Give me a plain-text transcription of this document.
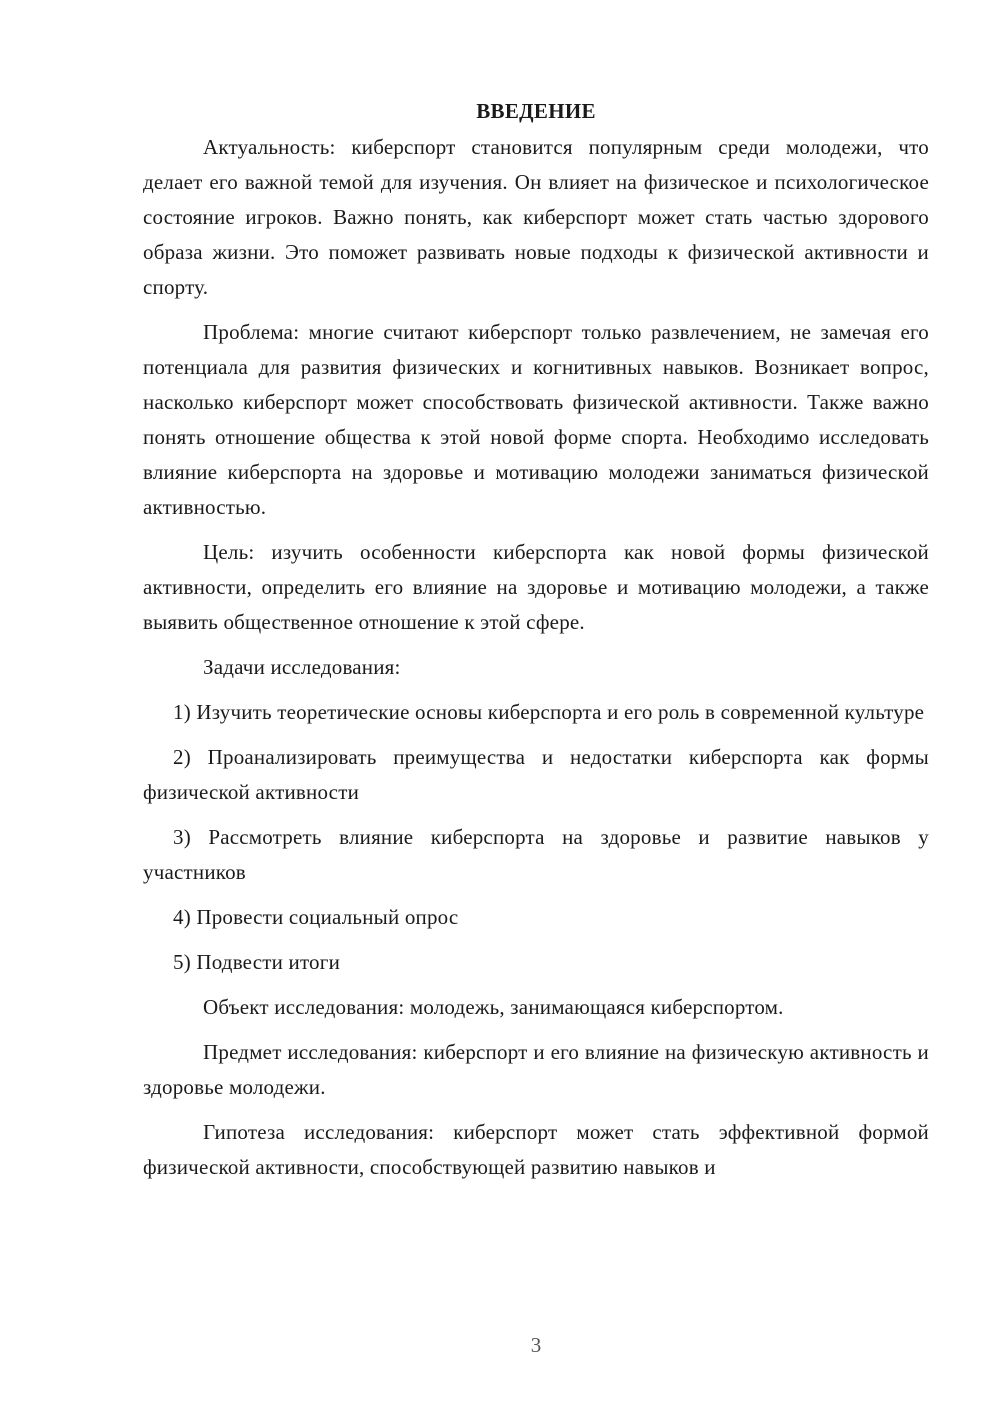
ВВЕДЕНИЕ

Актуальность: киберспорт становится популярным среди молодежи, что делает его важной темой для изучения. Он влияет на физическое и психологическое состояние игроков. Важно понять, как киберспорт может стать частью здорового образа жизни. Это поможет развивать новые подходы к физической активности и спорту.

Проблема: многие считают киберспорт только развлечением, не замечая его потенциала для развития физических и когнитивных навыков. Возникает вопрос, насколько киберспорт может способствовать физической активности. Также важно понять отношение общества к этой новой форме спорта. Необходимо исследовать влияние киберспорта на здоровье и мотивацию молодежи заниматься физической активностью.

Цель: изучить особенности киберспорта как новой формы физической активности, определить его влияние на здоровье и мотивацию молодежи, а также выявить общественное отношение к этой сфере.

Задачи исследования:

1) Изучить теоретические основы киберспорта и его роль в современной культуре

2) Проанализировать преимущества и недостатки киберспорта как формы физической активности

3) Рассмотреть влияние киберспорта на здоровье и развитие навыков у участников

4) Провести социальный опрос

5) Подвести итоги

Объект исследования: молодежь, занимающаяся киберспортом.

Предмет исследования: киберспорт и его влияние на физическую активность и здоровье молодежи.

Гипотеза исследования: киберспорт может стать эффективной формой физической активности, способствующей развитию навыков и

3
